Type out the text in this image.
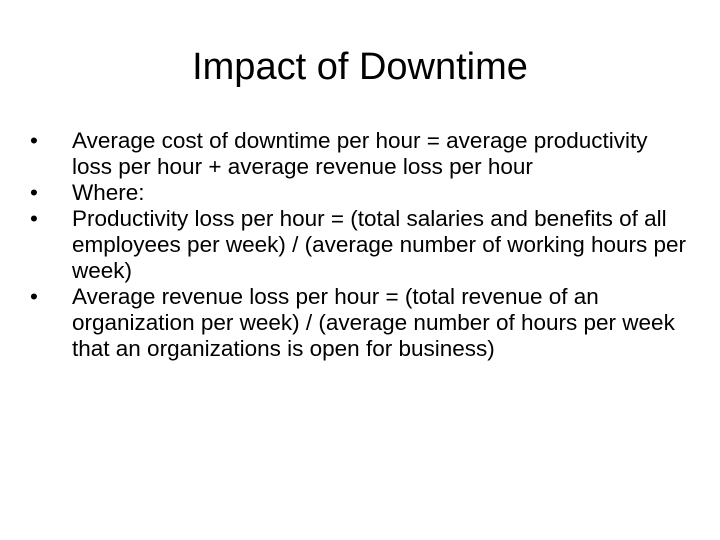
Impact of Downtime
•	Average cost of downtime per hour = average productivity loss per hour + average revenue loss per hour
•	Where:
•	Productivity loss per hour = (total salaries and benefits of all employees per week) / (average number of working hours per week)
•	Average revenue loss per hour = (total revenue of an organization per week) / (average number of hours per week that an organizations is open for business)
